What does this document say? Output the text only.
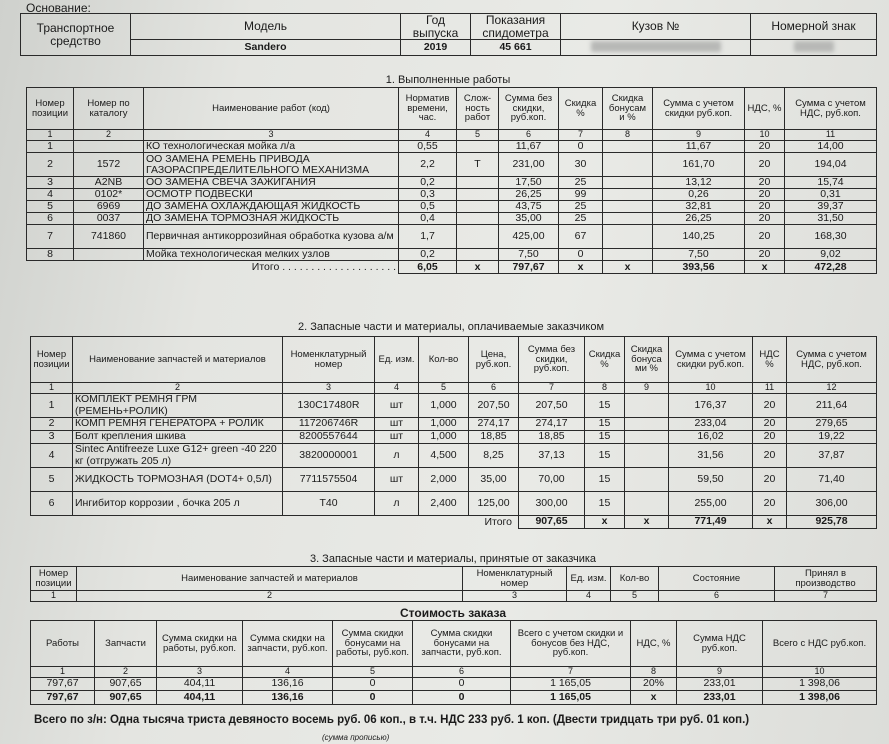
Основание:
Транспортное средство	Модель	Год выпуска	Показания спидометра	Кузов №	Номерной знак
	Sandero	2019	45 661		
1. Выполненные работы
Номер позиции	Номер по каталогу	Наименование работ (код)	Норматив времени, час.	Слож-ность работ	Сумма без скидки, руб.коп.	Скидка %	Скидка бонусам и %	Сумма с учетом скидки руб.коп.	НДС, %	Сумма с учетом НДС, руб.коп.
1	2	3	4	5	6	7	8	9	10	11
1		КО технологическая мойка л/а	0,55		11,67	0		11,67	20	14,00
2	1572	ОО ЗАМЕНА РЕМЕНЬ ПРИВОДА ГАЗОРАСПРЕДЕЛИТЕЛЬНОГО МЕХАНИЗМА	2,2	Т	231,00	30		161,70	20	194,04
3	A2NB	ОО ЗАМЕНА СВЕЧА ЗАЖИГАНИЯ	0,2		17,50	25		13,12	20	15,74
4	0102*	ОСМОТР ПОДВЕСКИ	0,3		26,25	99		0,26	20	0,31
5	6969	ДО ЗАМЕНА ОХЛАЖДАЮЩАЯ ЖИДКОСТЬ	0,5		43,75	25		32,81	20	39,37
6	0037	ДО ЗАМЕНА ТОРМОЗНАЯ ЖИДКОСТЬ	0,4		35,00	25		26,25	20	31,50
7	741860	Первичная антикоррозийная обработка кузова а/м	1,7		425,00	67		140,25	20	168,30
8		Мойка технологическая мелких узлов	0,2		7,50	0		7,50	20	9,02
Итого . . . . . . . . . . . . . . . . . . . .			6,05	x	797,67	x	x	393,56	x	472,28
2. Запасные части и материалы, оплачиваемые заказчиком
Номер позиции	Наименование запчастей и материалов	Номенклатурный номер	Ед. изм.	Кол-во	Цена, руб.коп.	Сумма без скидки, руб.коп.	Скидка %	Скидка бонуса ми %	Сумма с учетом скидки руб.коп.	НДС %	Сумма с учетом НДС, руб.коп.
1	2	3	4	5	6	7	8	9	10	11	12
1	КОМПЛЕКТ РЕМНЯ ГРМ (РЕМЕНЬ+РОЛИК)	130C17480R	шт	1,000	207,50	207,50	15		176,37	20	211,64
2	КОМП РЕМНЯ ГЕНЕРАТОРА + РОЛИК	117206746R	шт	1,000	274,17	274,17	15		233,04	20	279,65
3	Болт крепления шкива	8200557644	шт	1,000	18,85	18,85	15		16,02	20	19,22
4	Sintec Antifreeze Luxe G12+ green -40 220 кг (отгружать 205 л)	3820000001	л	4,500	8,25	37,13	15		31,56	20	37,87
5	ЖИДКОСТЬ ТОРМОЗНАЯ (DOT4+ 0,5Л)	7711575504	шт	2,000	35,00	70,00	15		59,50	20	71,40
6	Ингибитор коррозии , бочка 205 л	T40	л	2,400	125,00	300,00	15		255,00	20	306,00
Итого						907,65	x	x	771,49	x	925,78
3. Запасные части и материалы, принятые от заказчика
Номер позиции	Наименование запчастей и материалов	Номенклатурный номер	Ед. изм.	Кол-во	Состояние	Принял в производство
1	2	3	4	5	6	7
Стоимость заказа
Работы	Запчасти	Сумма скидки на работы, руб.коп.	Сумма скидки на запчасти, руб.коп.	Сумма скидки бонусами на работы, руб.коп.	Сумма скидки бонусами на запчасти, руб.коп.	Всего с учетом скидки и бонусов без НДС, руб.коп.	НДС, %	Сумма НДС руб.коп.	Всего с НДС руб.коп.
1	2	3	4	5	6	7	8	9	10
797,67	907,65	404,11	136,16	0	0	1 165,05	20%	233,01	1 398,06
797,67	907,65	404,11	136,16	0	0	1 165,05	x	233,01	1 398,06
Всего по з/н: Одна тысяча триста девяносто восемь руб. 06 коп., в т.ч. НДС 233 руб. 1 коп. (Двести тридцать три руб. 01 коп.)
(сумма прописью)
